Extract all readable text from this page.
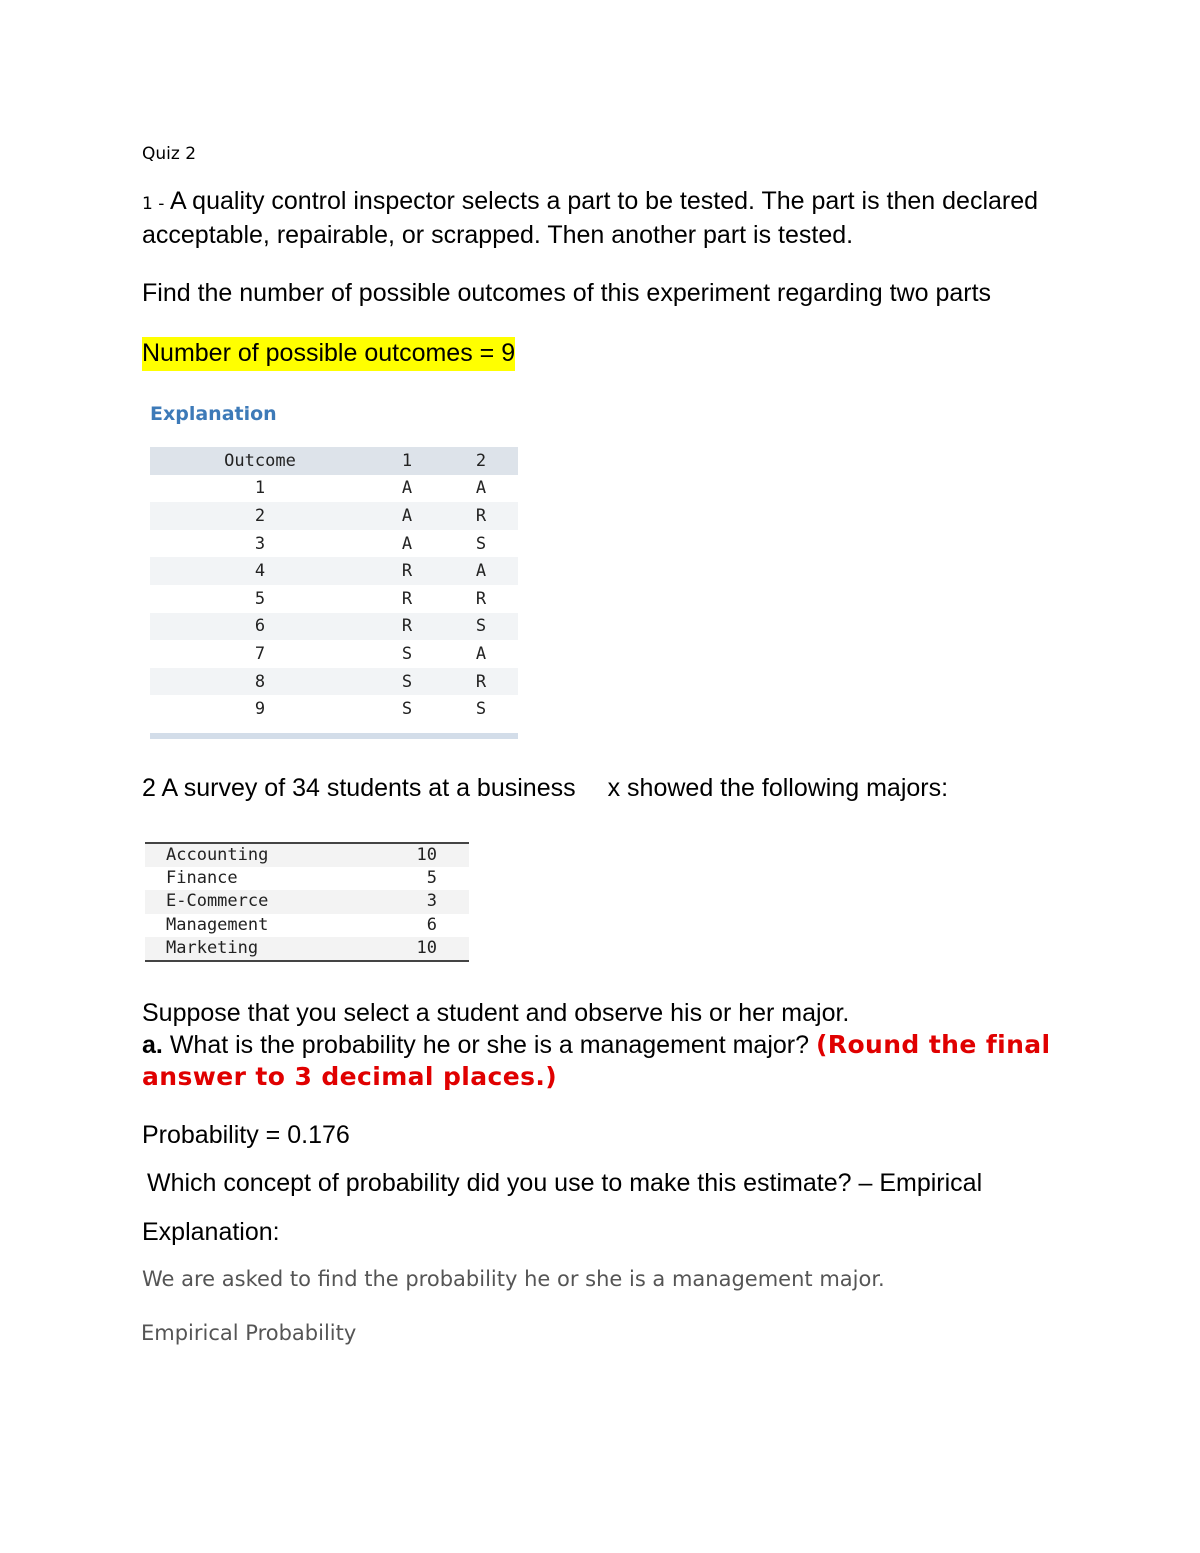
Quiz 2
1 - A quality control inspector selects a part to be tested. The part is then declared acceptable, repairable, or scrapped. Then another part is tested.
Find the number of possible outcomes of this experiment regarding two parts
Number of possible outcomes = 9
Explanation
Outcome	1	2
1	A	A
2	A	R
3	A	S
4	R	A
5	R	R
6	R	S
7	S	A
8	S	R
9	S	S
2 A survey of 34 students at a business x showed the following majors:
Accounting	10
Finance	5
E-Commerce	3
Management	6
Marketing	10
Suppose that you select a student and observe his or her major.
a. What is the probability he or she is a management major? (Round the final answer to 3 decimal places.)
Probability = 0.176
Which concept of probability did you use to make this estimate? – Empirical
Explanation:
We are asked to find the probability he or she is a management major.
Empirical Probability
